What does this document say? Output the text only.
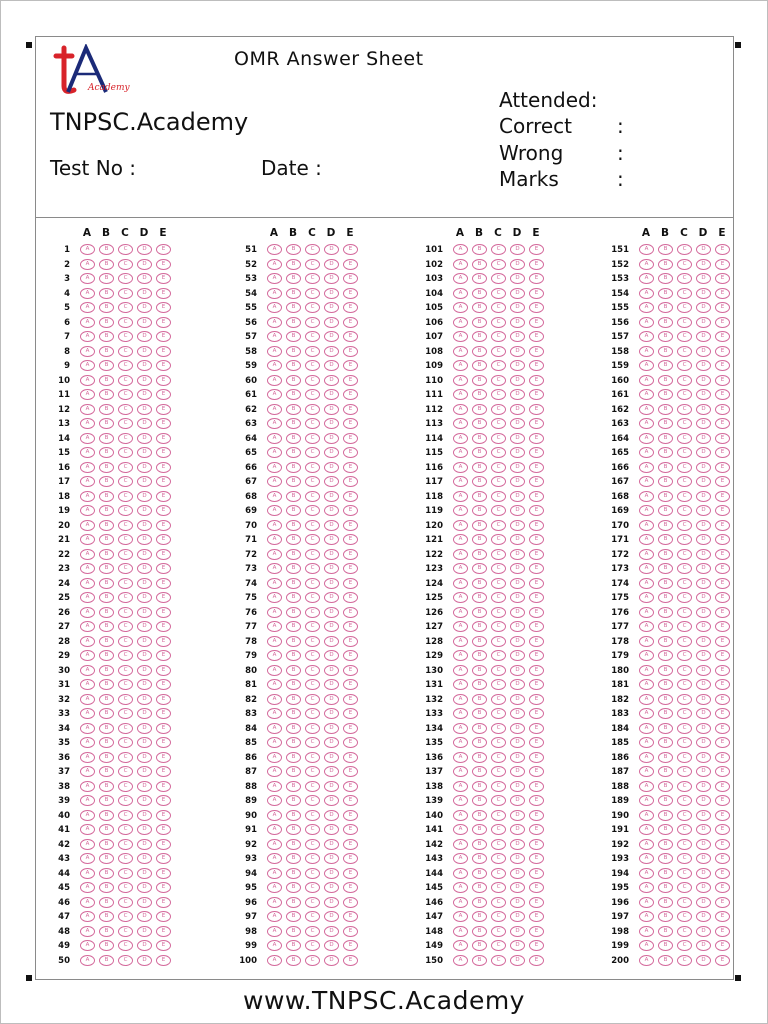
Academy
OMR Answer Sheet
TNPSC.Academy
Test No :	Date :
Attended:
Correct :
Wrong	:
Marks	:
A	B	C	D	E
1	A	B	C	D	E
2	A	B	C	D	E
3	A	B	C	D	E
4	A	B	C	D	E
5	A	B	C	D	E
6	A	B	C	D	E
7	A	B	C	D	E
8	A	B	C	D	E
9	A	B	C	D	E
10	A	B	C	D	E
11	A	B	C	D	E
12	A	B	C	D	E
13	A	B	C	D	E
14	A	B	C	D	E
15	A	B	C	D	E
16	A	B	C	D	E
17	A	B	C	D	E
18	A	B	C	D	E
19	A	B	C	D	E
20	A	B	C	D	E
21	A	B	C	D	E
22	A	B	C	D	E
23	A	B	C	D	E
24	A	B	C	D	E
25	A	B	C	D	E
26	A	B	C	D	E
27	A	B	C	D	E
28	A	B	C	D	E
29	A	B	C	D	E
30	A	B	C	D	E
31	A	B	C	D	E
32	A	B	C	D	E
33	A	B	C	D	E
34	A	B	C	D	E
35	A	B	C	D	E
36	A	B	C	D	E
37	A	B	C	D	E
38	A	B	C	D	E
39	A	B	C	D	E
40	A	B	C	D	E
41	A	B	C	D	E
42	A	B	C	D	E
43	A	B	C	D	E
44	A	B	C	D	E
45	A	B	C	D	E
46	A	B	C	D	E
47	A	B	C	D	E
48	A	B	C	D	E
49	A	B	C	D	E
50	A	B	C	D	E
A	B	C	D	E
51	A	B	C	D	E
52	A	B	C	D	E
53	A	B	C	D	E
54	A	B	C	D	E
55	A	B	C	D	E
56	A	B	C	D	E
57	A	B	C	D	E
58	A	B	C	D	E
59	A	B	C	D	E
60	A	B	C	D	E
61	A	B	C	D	E
62	A	B	C	D	E
63	A	B	C	D	E
64	A	B	C	D	E
65	A	B	C	D	E
66	A	B	C	D	E
67	A	B	C	D	E
68	A	B	C	D	E
69	A	B	C	D	E
70	A	B	C	D	E
71	A	B	C	D	E
72	A	B	C	D	E
73	A	B	C	D	E
74	A	B	C	D	E
75	A	B	C	D	E
76	A	B	C	D	E
77	A	B	C	D	E
78	A	B	C	D	E
79	A	B	C	D	E
80	A	B	C	D	E
81	A	B	C	D	E
82	A	B	C	D	E
83	A	B	C	D	E
84	A	B	C	D	E
85	A	B	C	D	E
86	A	B	C	D	E
87	A	B	C	D	E
88	A	B	C	D	E
89	A	B	C	D	E
90	A	B	C	D	E
91	A	B	C	D	E
92	A	B	C	D	E
93	A	B	C	D	E
94	A	B	C	D	E
95	A	B	C	D	E
96	A	B	C	D	E
97	A	B	C	D	E
98	A	B	C	D	E
99	A	B	C	D	E
100	A	B	C	D	E
A	B	C	D	E
101	A	B	C	D	E
102	A	B	C	D	E
103	A	B	C	D	E
104	A	B	C	D	E
105	A	B	C	D	E
106	A	B	C	D	E
107	A	B	C	D	E
108	A	B	C	D	E
109	A	B	C	D	E
110	A	B	C	D	E
111	A	B	C	D	E
112	A	B	C	D	E
113	A	B	C	D	E
114	A	B	C	D	E
115	A	B	C	D	E
116	A	B	C	D	E
117	A	B	C	D	E
118	A	B	C	D	E
119	A	B	C	D	E
120	A	B	C	D	E
121	A	B	C	D	E
122	A	B	C	D	E
123	A	B	C	D	E
124	A	B	C	D	E
125	A	B	C	D	E
126	A	B	C	D	E
127	A	B	C	D	E
128	A	B	C	D	E
129	A	B	C	D	E
130	A	B	C	D	E
131	A	B	C	D	E
132	A	B	C	D	E
133	A	B	C	D	E
134	A	B	C	D	E
135	A	B	C	D	E
136	A	B	C	D	E
137	A	B	C	D	E
138	A	B	C	D	E
139	A	B	C	D	E
140	A	B	C	D	E
141	A	B	C	D	E
142	A	B	C	D	E
143	A	B	C	D	E
144	A	B	C	D	E
145	A	B	C	D	E
146	A	B	C	D	E
147	A	B	C	D	E
148	A	B	C	D	E
149	A	B	C	D	E
150	A	B	C	D	E
A	B	C	D	E
151	A	B	C	D	E
152	A	B	C	D	E
153	A	B	C	D	E
154	A	B	C	D	E
155	A	B	C	D	E
156	A	B	C	D	E
157	A	B	C	D	E
158	A	B	C	D	E
159	A	B	C	D	E
160	A	B	C	D	E
161	A	B	C	D	E
162	A	B	C	D	E
163	A	B	C	D	E
164	A	B	C	D	E
165	A	B	C	D	E
166	A	B	C	D	E
167	A	B	C	D	E
168	A	B	C	D	E
169	A	B	C	D	E
170	A	B	C	D	E
171	A	B	C	D	E
172	A	B	C	D	E
173	A	B	C	D	E
174	A	B	C	D	E
175	A	B	C	D	E
176	A	B	C	D	E
177	A	B	C	D	E
178	A	B	C	D	E
179	A	B	C	D	E
180	A	B	C	D	E
181	A	B	C	D	E
182	A	B	C	D	E
183	A	B	C	D	E
184	A	B	C	D	E
185	A	B	C	D	E
186	A	B	C	D	E
187	A	B	C	D	E
188	A	B	C	D	E
189	A	B	C	D	E
190	A	B	C	D	E
191	A	B	C	D	E
192	A	B	C	D	E
193	A	B	C	D	E
194	A	B	C	D	E
195	A	B	C	D	E
196	A	B	C	D	E
197	A	B	C	D	E
198	A	B	C	D	E
199	A	B	C	D	E
200	A	B	C	D	E
www.TNPSC.Academy
